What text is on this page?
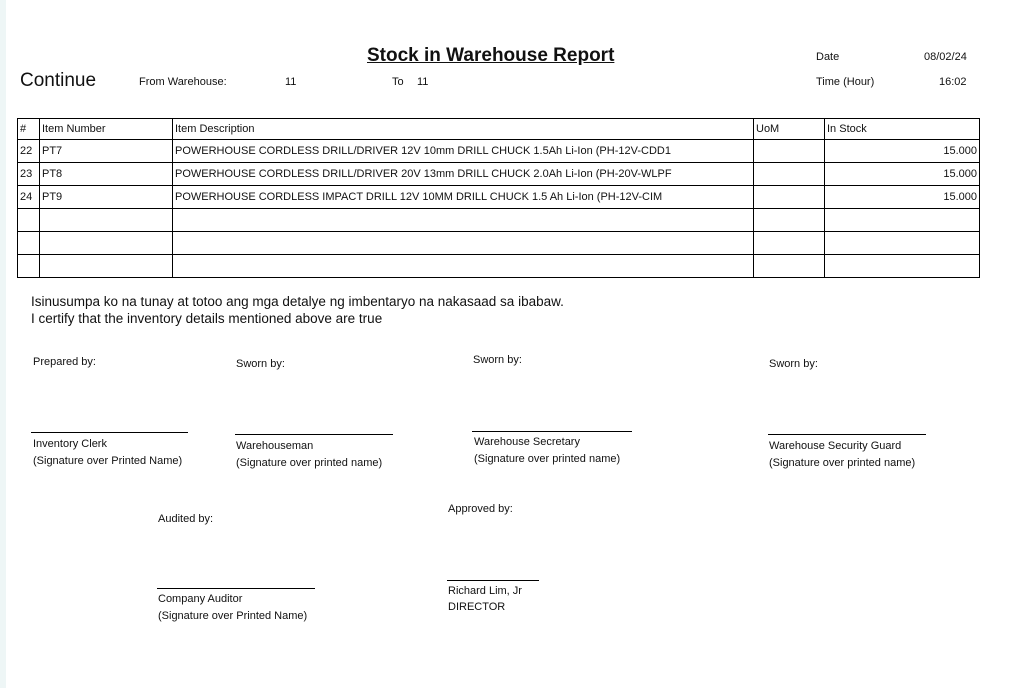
Stock in Warehouse Report
Continue	From Warehouse:	11	To 11
Date	08/02/24
Time (Hour)	16:02
#	Item Number	Item Description	UoM	In Stock
22	PT7	POWERHOUSE CORDLESS DRILL/DRIVER 12V 10mm DRILL CHUCK 1.5Ah Li-Ion (PH-12V-CDD1		15.000
23	PT8	POWERHOUSE CORDLESS DRILL/DRIVER 20V 13mm DRILL CHUCK 2.0Ah Li-Ion (PH-20V-WLPF		15.000
24	PT9	POWERHOUSE CORDLESS IMPACT DRILL 12V 10MM DRILL CHUCK 1.5 Ah Li-Ion (PH-12V-CIM		15.000

Isinusumpa ko na tunay at totoo ang mga detalye ng imbentaryo na nakasaad sa ibabaw.
I certify that the inventory details mentioned above are true
Prepared by:
Inventory Clerk
(Signature over Printed Name)
Sworn by:
Warehouseman
(Signature over printed name)
Sworn by:
Warehouse Secretary
(Signature over printed name)
Sworn by:
Warehouse Security Guard
(Signature over printed name)
Audited by:
Company Auditor
(Signature over Printed Name)
Approved by:
Richard Lim, Jr
DIRECTOR
